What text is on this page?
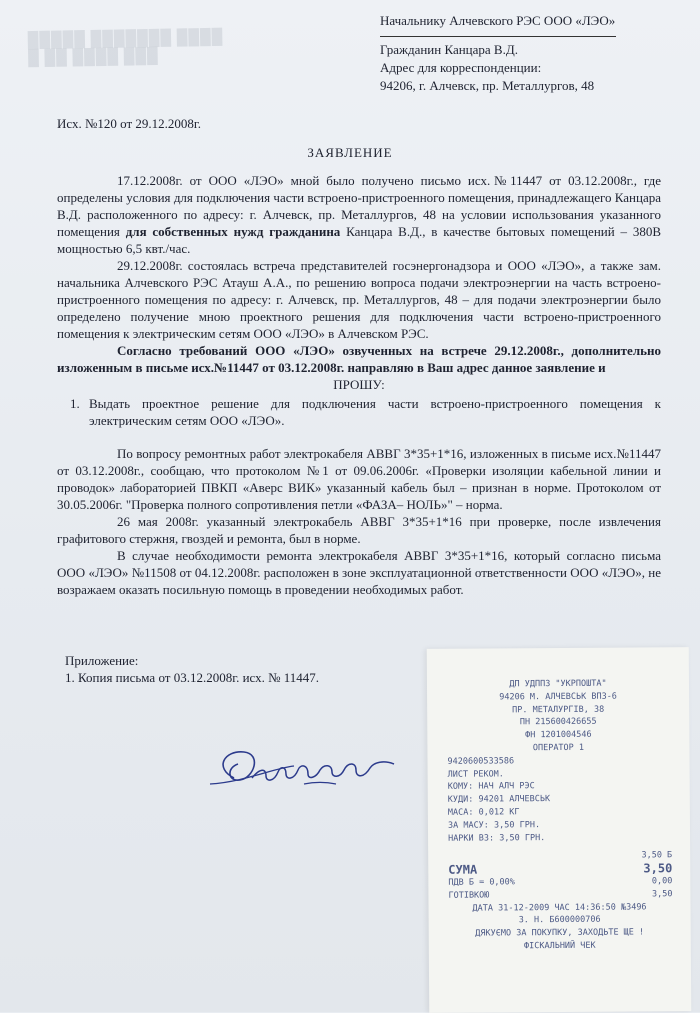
█████ ███████ ████
█ ██ ████ ███
Начальнику Алчевского РЭС ООО «ЛЭО»
Гражданин Канцара В.Д.
Адрес для корреспонденции:
94206, г. Алчевск, пр. Металлургов, 48
Исх. №120 от 29.12.2008г.
ЗАЯВЛЕНИЕ

17.12.2008г. от ООО «ЛЭО» мной было получено письмо исх.№11447 от 03.12.2008г., где определены условия для подключения части встроено-пристроенного помещения, принадлежащего Канцара В.Д. расположенного по адресу: г. Алчевск, пр. Металлургов, 48 на условии использования указанного помещения для собственных нужд гражданина Канцара В.Д., в качестве бытовых помещений – 380В мощностью 6,5 квт./час.

29.12.2008г. состоялась встреча представителей госэнергонадзора и ООО «ЛЭО», а также зам. начальника Алчевского РЭС Атауш А.А., по решению вопроса подачи электроэнергии на часть встроено-пристроенного помещения по адресу: г. Алчевск, пр. Металлургов, 48 – для подачи электроэнергии было определено получение мною проектного решения для подключения части встроено-пристроенного помещения к электрическим сетям ООО «ЛЭО» в Алчевском РЭС.

Согласно требований ООО «ЛЭО» озвученных на встрече 29.12.2008г., дополнительно изложенным в письме исх.№11447 от 03.12.2008г. направляю в Ваш адрес данное заявление и

ПРОШУ:
1. Выдать проектное решение для подключения части встроено-пристроенного помещения к электрическим сетям ООО «ЛЭО».

По вопросу ремонтных работ электрокабеля АВВГ 3*35+1*16, изложенных в письме исх.№11447 от 03.12.2008г., сообщаю, что протоколом №1 от 09.06.2006г. «Проверки изоляции кабельной линии и проводок» лабораторией ПВКП «Аверс ВИК» указанный кабель был – признан в норме. Протоколом от 30.05.2006г. "Проверка полного сопротивления петли «ФАЗА– НОЛЬ»" – норма.

26 мая 2008г. указанный электрокабель АВВГ 3*35+1*16 при проверке, после извлечения графитового стержня, гвоздей и ремонта, был в норме.

В случае необходимости ремонта электрокабеля АВВГ 3*35+1*16, который согласно письма ООО «ЛЭО» №11508 от 04.12.2008г. расположен в зоне эксплуатационной ответственности ООО «ЛЭО», не возражаем оказать посильную помощь в проведении необходимых работ.

Приложение:
1. Копия письма от 03.12.2008г. исх. № 11447.	ДП УДППЗ "УКРПОШТА"
94206 М. АЛЧЕВСЬК ВПЗ-6
ПР. МЕТАЛУРГІВ, 38
ПН 215600426655
ФН 1201004546
ОПЕРАТОР 1
9420600533586
ЛИСТ РЕКОМ.
КОМУ: НАЧ АЛЧ РЭС
КУДИ: 94201 АЛЧЕВСЬК
МАСА: 0,012 КГ
ЗА МАСУ: 3,50 ГРН.
НАРКИ ВЗ: 3,50 ГРН.
3,50 Б
СУМА	3,50
ПДВ Б = 0,00%	0,00
ГОТІВКОЮ	3,50
ДАТА 31-12-2009 ЧАС 14:36:50 №3496
З. Н. Б600000706
ДЯКУЄМО ЗА ПОКУПКУ, ЗАХОДЬТЕ ЩЕ !
ФІСКАЛЬНИЙ ЧЕК
